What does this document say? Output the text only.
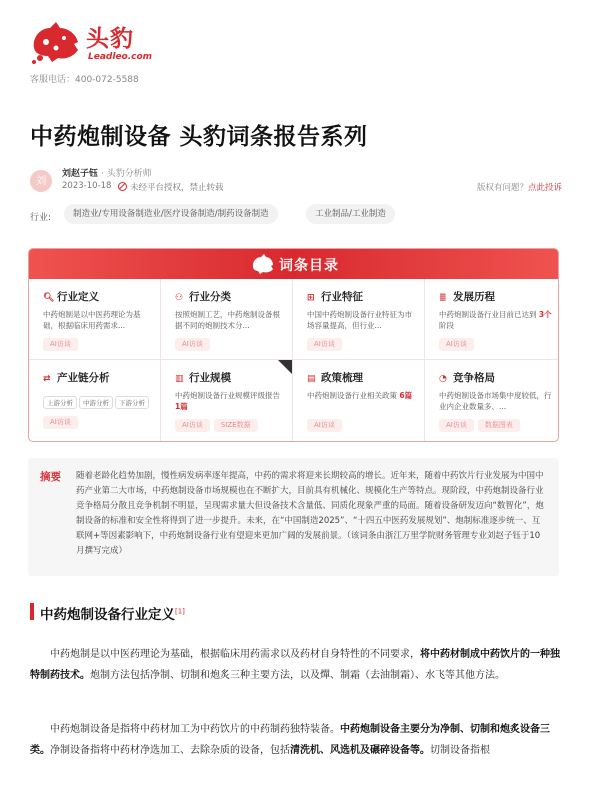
头豹
Leadleo.com
客服电话：400-072-5588
中药炮制设备 头豹词条报告系列
刘	刘赵子钰 · 头豹分析师
2023-10-18	未经平台授权，禁止转载	版权有问题？点此投诉
行业:	制造业/专用设备制造业/医疗设备制造/制药设备制造	工业制品/工业制造
词条目录
🔍︎ 行业定义
中药炮制是以中医药理论为基础，根据临床用药需求...
AI访谈
⚇ 行业分类
按照炮制工艺，中药炮制设备根据不同的炮制技术分...
AI访谈
⊞ 行业特征
中国中药炮制设备行业特征为市场容量提高，但行业...
AI访谈
≣ 发展历程
中药炮制设备行业目前已达到 3个阶段
AI访谈
⇄ 产业链分析
上游分析 中游分析 下游分析
AI访谈
▥ 行业规模
中药炮制设备行业规模评级报告 1篇
AI访谈	SIZE数据
▤ 政策梳理
中药炮制设备行业相关政策 6篇
AI访谈
◔ 竞争格局
中药炮制设备市场集中度较低，行业内企业数量多、...
AI访谈	数据图表
摘要 随着老龄化趋势加剧，慢性病发病率逐年提高，中药的需求将迎来长期较高的增长。近年来，随着中药饮片行业发展为中国中药产业第二大市场，中药炮制设备市场规模也在不断扩大，目前具有机械化、规模化生产等特点。现阶段，中药炮制设备行业竞争格局分散且竞争机制不明显，呈现需求量大但设备技术含量低、同质化现象严重的局面。随着设备研发迈向“数智化”，炮制设备的标准和安全性将得到了进一步提升。未来，在“中国制造2025”、“十四五中医药发展规划”、炮制标准逐步统一、互联网+等因素影响下，中药炮制设备行业有望迎来更加广阔的发展前景。（该词条由浙江万里学院财务管理专业刘赵子钰于10月撰写完成）
中药炮制设备行业定义[1]
中药炮制是以中医药理论为基础，根据临床用药需求以及药材自身特性的不同要求，将中药材制成中药饮片的一种独特制药技术。炮制方法包括净制、切制和炮炙三种主要方法，以及燀、制霜（去油制霜）、水飞等其他方法。
中药炮制设备是指将中药材加工为中药饮片的中药制药独特装备。中药炮制设备主要分为净制、切制和炮炙设备三类。净制设备指将中药材净选加工、去除杂质的设备，包括清洗机、风选机及碾碎设备等。切制设备指根
